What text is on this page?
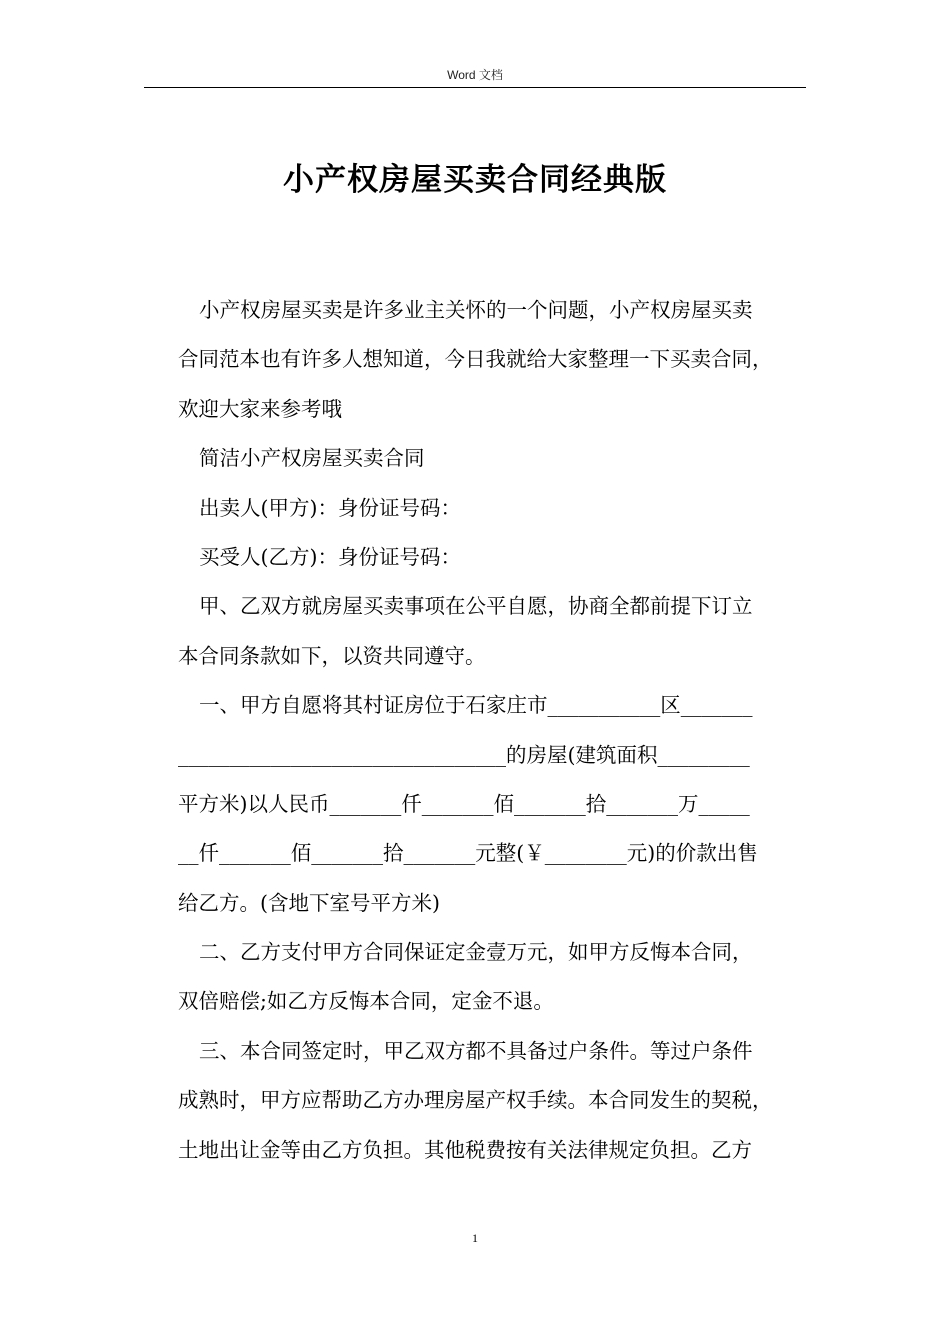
Word 文档
小产权房屋买卖合同经典版
小产权房屋买卖是许多业主关怀的一个问题，小产权房屋买卖
合同范本也有许多人想知道，今日我就给大家整理一下买卖合同，
欢迎大家来参考哦
简洁小产权房屋买卖合同
出卖人(甲方)：身份证号码：
买受人(乙方)：身份证号码：
甲、乙双方就房屋买卖事项在公平自愿，协商全都前提下订立
本合同条款如下，以资共同遵守。
一、甲方自愿将其村证房位于石家庄市___________区_______
________________________________的房屋(建筑面积_________
平方米)以人民币_______仟_______佰_______拾_______万_____
__仟_______佰_______拾_______元整(￥________元)的价款出售
给乙方。(含地下室号平方米)
二、乙方支付甲方合同保证定金壹万元，如甲方反悔本合同，
双倍赔偿;如乙方反悔本合同，定金不退。
三、本合同签定时，甲乙双方都不具备过户条件。等过户条件
成熟时，甲方应帮助乙方办理房屋产权手续。本合同发生的契税，
土地出让金等由乙方负担。其他税费按有关法律规定负担。乙方
1
